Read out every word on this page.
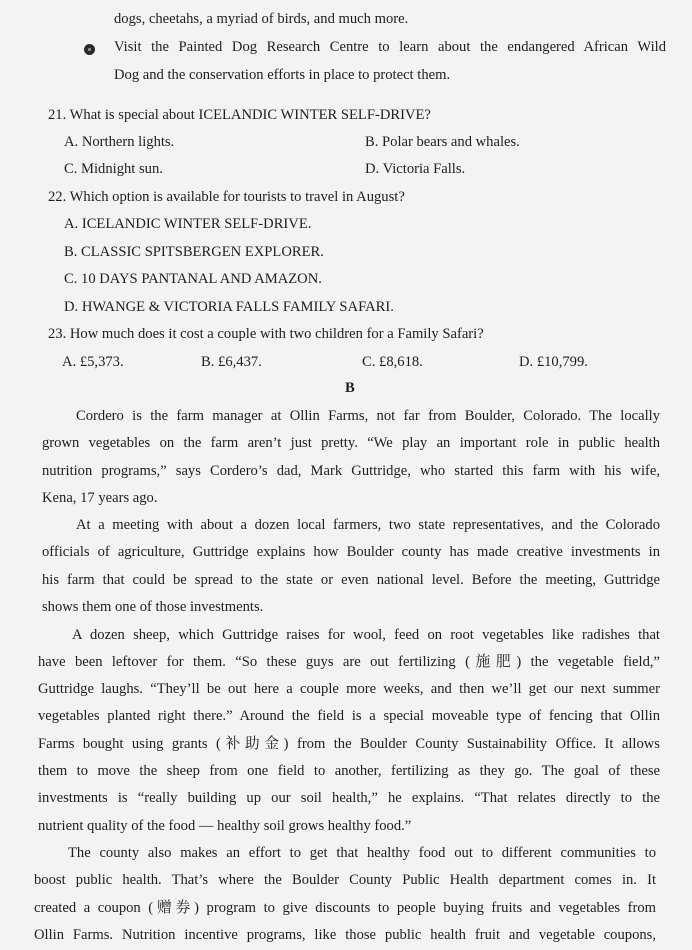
dogs, cheetahs, a myriad of birds, and much more.
Visit the Painted Dog Research Centre to learn about the endangered African Wild
Dog and the conservation efforts in place to protect them.
21. What is special about ICELANDIC WINTER SELF-DRIVE?
A. Northern lights.	B. Polar bears and whales.
C. Midnight sun.	D. Victoria Falls.
22. Which option is available for tourists to travel in August?
A. ICELANDIC WINTER SELF-DRIVE.
B. CLASSIC SPITSBERGEN EXPLORER.
C. 10 DAYS PANTANAL AND AMAZON.
D. HWANGE & VICTORIA FALLS FAMILY SAFARI.
23. How much does it cost a couple with two children for a Family Safari?
A. £5,373.	B. £6,437.	C. £8,618.	D. £10,799.
B
Cordero is the farm manager at Ollin Farms, not far from Boulder, Colorado. The locally
grown vegetables on the farm aren’t just pretty. “We play an important role in public health
nutrition programs,” says Cordero’s dad, Mark Guttridge, who started this farm with his wife,
Kena, 17 years ago.
At a meeting with about a dozen local farmers, two state representatives, and the Colorado
officials of agriculture, Guttridge explains how Boulder county has made creative investments in
his farm that could be spread to the state or even national level. Before the meeting, Guttridge
shows them one of those investments.
A dozen sheep, which Guttridge raises for wool, feed on root vegetables like radishes that
have been leftover for them. “So these guys are out fertilizing (施肥) the vegetable field,”
Guttridge laughs. “They’ll be out here a couple more weeks, and then we’ll get our next summer
vegetables planted right there.” Around the field is a special moveable type of fencing that Ollin
Farms bought using grants (补助金) from the Boulder County Sustainability Office. It allows
them to move the sheep from one field to another, fertilizing as they go. The goal of these
investments is “really building up our soil health,” he explains. “That relates directly to the
nutrient quality of the food — healthy soil grows healthy food.”
The county also makes an effort to get that healthy food out to different communities to
boost public health. That’s where the Boulder County Public Health department comes in. It
created a coupon (赠券) program to give discounts to people buying fruits and vegetables from
Ollin Farms. Nutrition incentive programs, like those public health fruit and vegetable coupons,
